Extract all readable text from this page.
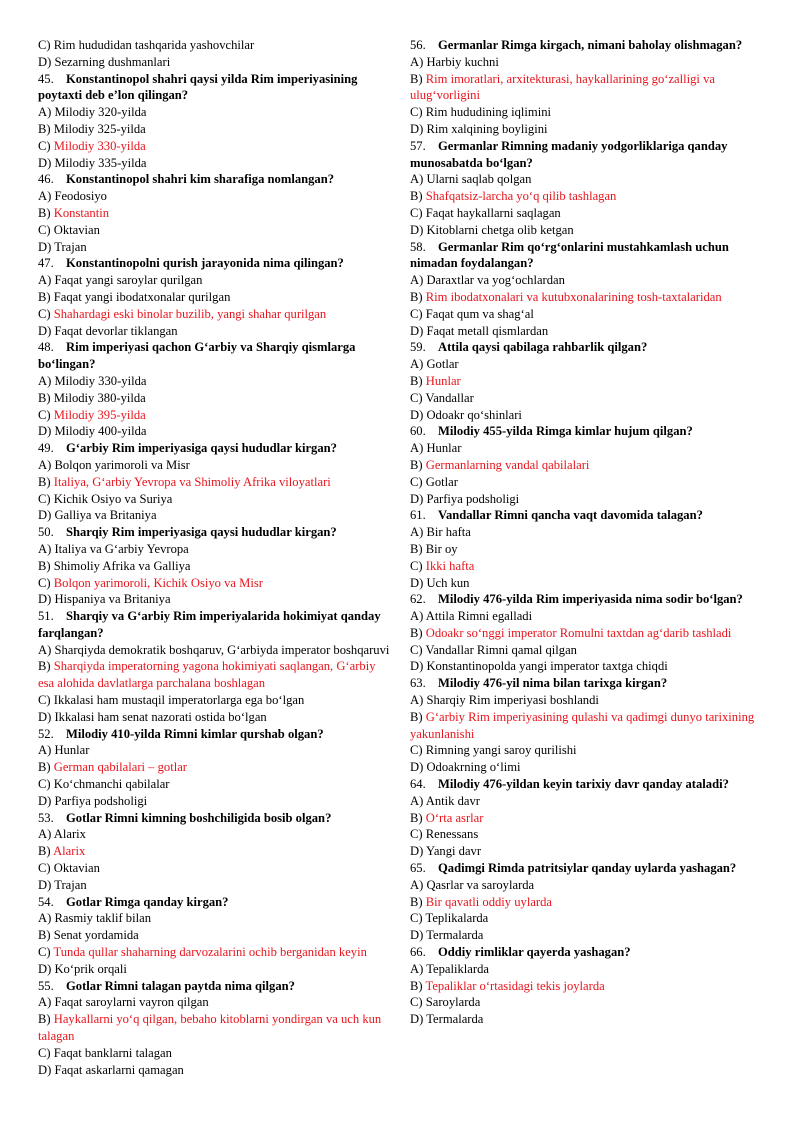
C) Rim hududidan tashqarida yashovchilar

D) Sezarning dushmanlari

45. Konstantinopol shahri qaysi yilda Rim imperiyasining poytaxti deb e’lon qilingan?

A) Milodiy 320-yilda

B) Milodiy 325-yilda

C) Milodiy 330-yilda

D) Milodiy 335-yilda

46. Konstantinopol shahri kim sharafiga nomlangan?

A) Feodosiyo

B) Konstantin

C) Oktavian

D) Trajan

47. Konstantinopolni qurish jarayonida nima qilingan?

A) Faqat yangi saroylar qurilgan

B) Faqat yangi ibodatxonalar qurilgan

C) Shahardagi eski binolar buzilib, yangi shahar qurilgan

D) Faqat devorlar tiklangan

48. Rim imperiyasi qachon G‘arbiy va Sharqiy qismlarga bo‘lingan?

A) Milodiy 330-yilda

B) Milodiy 380-yilda

C) Milodiy 395-yilda

D) Milodiy 400-yilda

49. G‘arbiy Rim imperiyasiga qaysi hududlar kirgan?

A) Bolqon yarimoroli va Misr

B) Italiya, G‘arbiy Yevropa va Shimoliy Afrika viloyatlari

C) Kichik Osiyo va Suriya

D) Galliya va Britaniya

50. Sharqiy Rim imperiyasiga qaysi hududlar kirgan?

A) Italiya va G‘arbiy Yevropa

B) Shimoliy Afrika va Galliya

C) Bolqon yarimoroli, Kichik Osiyo va Misr

D) Hispaniya va Britaniya

51. Sharqiy va G‘arbiy Rim imperiyalarida hokimiyat qanday farqlangan?

A) Sharqiyda demokratik boshqaruv, G‘arbiyda imperator boshqaruvi

B) Sharqiyda imperatorning yagona hokimiyati saqlangan, G‘arbiy esa alohida davlatlarga parchalana boshlagan

C) Ikkalasi ham mustaqil imperatorlarga ega bo‘lgan

D) Ikkalasi ham senat nazorati ostida bo‘lgan

52. Milodiy 410-yilda Rimni kimlar qurshab olgan?

A) Hunlar

B) German qabilalari – gotlar

C) Ko‘chmanchi qabilalar

D) Parfiya podsholigi

53. Gotlar Rimni kimning boshchiligida bosib olgan?

A) Alarix

B) Alarix

C) Oktavian

D) Trajan

54. Gotlar Rimga qanday kirgan?

A) Rasmiy taklif bilan

B) Senat yordamida

C) Tunda qullar shaharning darvozalarini ochib berganidan keyin

D) Ko‘prik orqali

55. Gotlar Rimni talagan paytda nima qilgan?

A) Faqat saroylarni vayron qilgan

B) Haykallarni yo‘q qilgan, bebaho kitoblarni yondirgan va uch kun talagan

C) Faqat banklarni talagan

D) Faqat askarlarni qamagan

56. Germanlar Rimga kirgach, nimani baholay olishmagan?

A) Harbiy kuchni

B) Rim imoratlari, arxitekturasi, haykallarining go‘zalligi va ulug‘vorligini

C) Rim hududining iqlimini

D) Rim xalqining boyligini

57. Germanlar Rimning madaniy yodgorliklariga qanday munosabatda bo‘lgan?

A) Ularni saqlab qolgan

B) Shafqatsiz-larcha yo‘q qilib tashlagan

C) Faqat haykallarni saqlagan

D) Kitoblarni chetga olib ketgan

58. Germanlar Rim qo‘rg‘onlarini mustahkamlash uchun nimadan foydalangan?

A) Daraxtlar va yog‘ochlardan

B) Rim ibodatxonalari va kutubxonalarining tosh-taxtalaridan

C) Faqat qum va shag‘al

D) Faqat metall qismlardan

59. Attila qaysi qabilaga rahbarlik qilgan?

A) Gotlar

B) Hunlar

C) Vandallar

D) Odoakr qo‘shinlari

60. Milodiy 455-yilda Rimga kimlar hujum qilgan?

A) Hunlar

B) Germanlarning vandal qabilalari

C) Gotlar

D) Parfiya podsholigi

61. Vandallar Rimni qancha vaqt davomida talagan?

A) Bir hafta

B) Bir oy

C) Ikki hafta

D) Uch kun

62. Milodiy 476-yilda Rim imperiyasida nima sodir bo‘lgan?

A) Attila Rimni egalladi

B) Odoakr so‘nggi imperator Romulni taxtdan ag‘darib tashladi

C) Vandallar Rimni qamal qilgan

D) Konstantinopolda yangi imperator taxtga chiqdi

63. Milodiy 476-yil nima bilan tarixga kirgan?

A) Sharqiy Rim imperiyasi boshlandi

B) G‘arbiy Rim imperiyasining qulashi va qadimgi dunyo tarixining yakunlanishi

C) Rimning yangi saroy qurilishi

D) Odoakrning o‘limi

64. Milodiy 476-yildan keyin tarixiy davr qanday ataladi?

A) Antik davr

B) O‘rta asrlar

C) Renessans

D) Yangi davr

65. Qadimgi Rimda patritsiylar qanday uylarda yashagan?

A) Qasrlar va saroylarda

B) Bir qavatli oddiy uylarda

C) Teplikalarda

D) Termalarda

66. Oddiy rimliklar qayerda yashagan?

A) Tepaliklarda

B) Tepaliklar o‘rtasidagi tekis joylarda

C) Saroylarda

D) Termalarda
